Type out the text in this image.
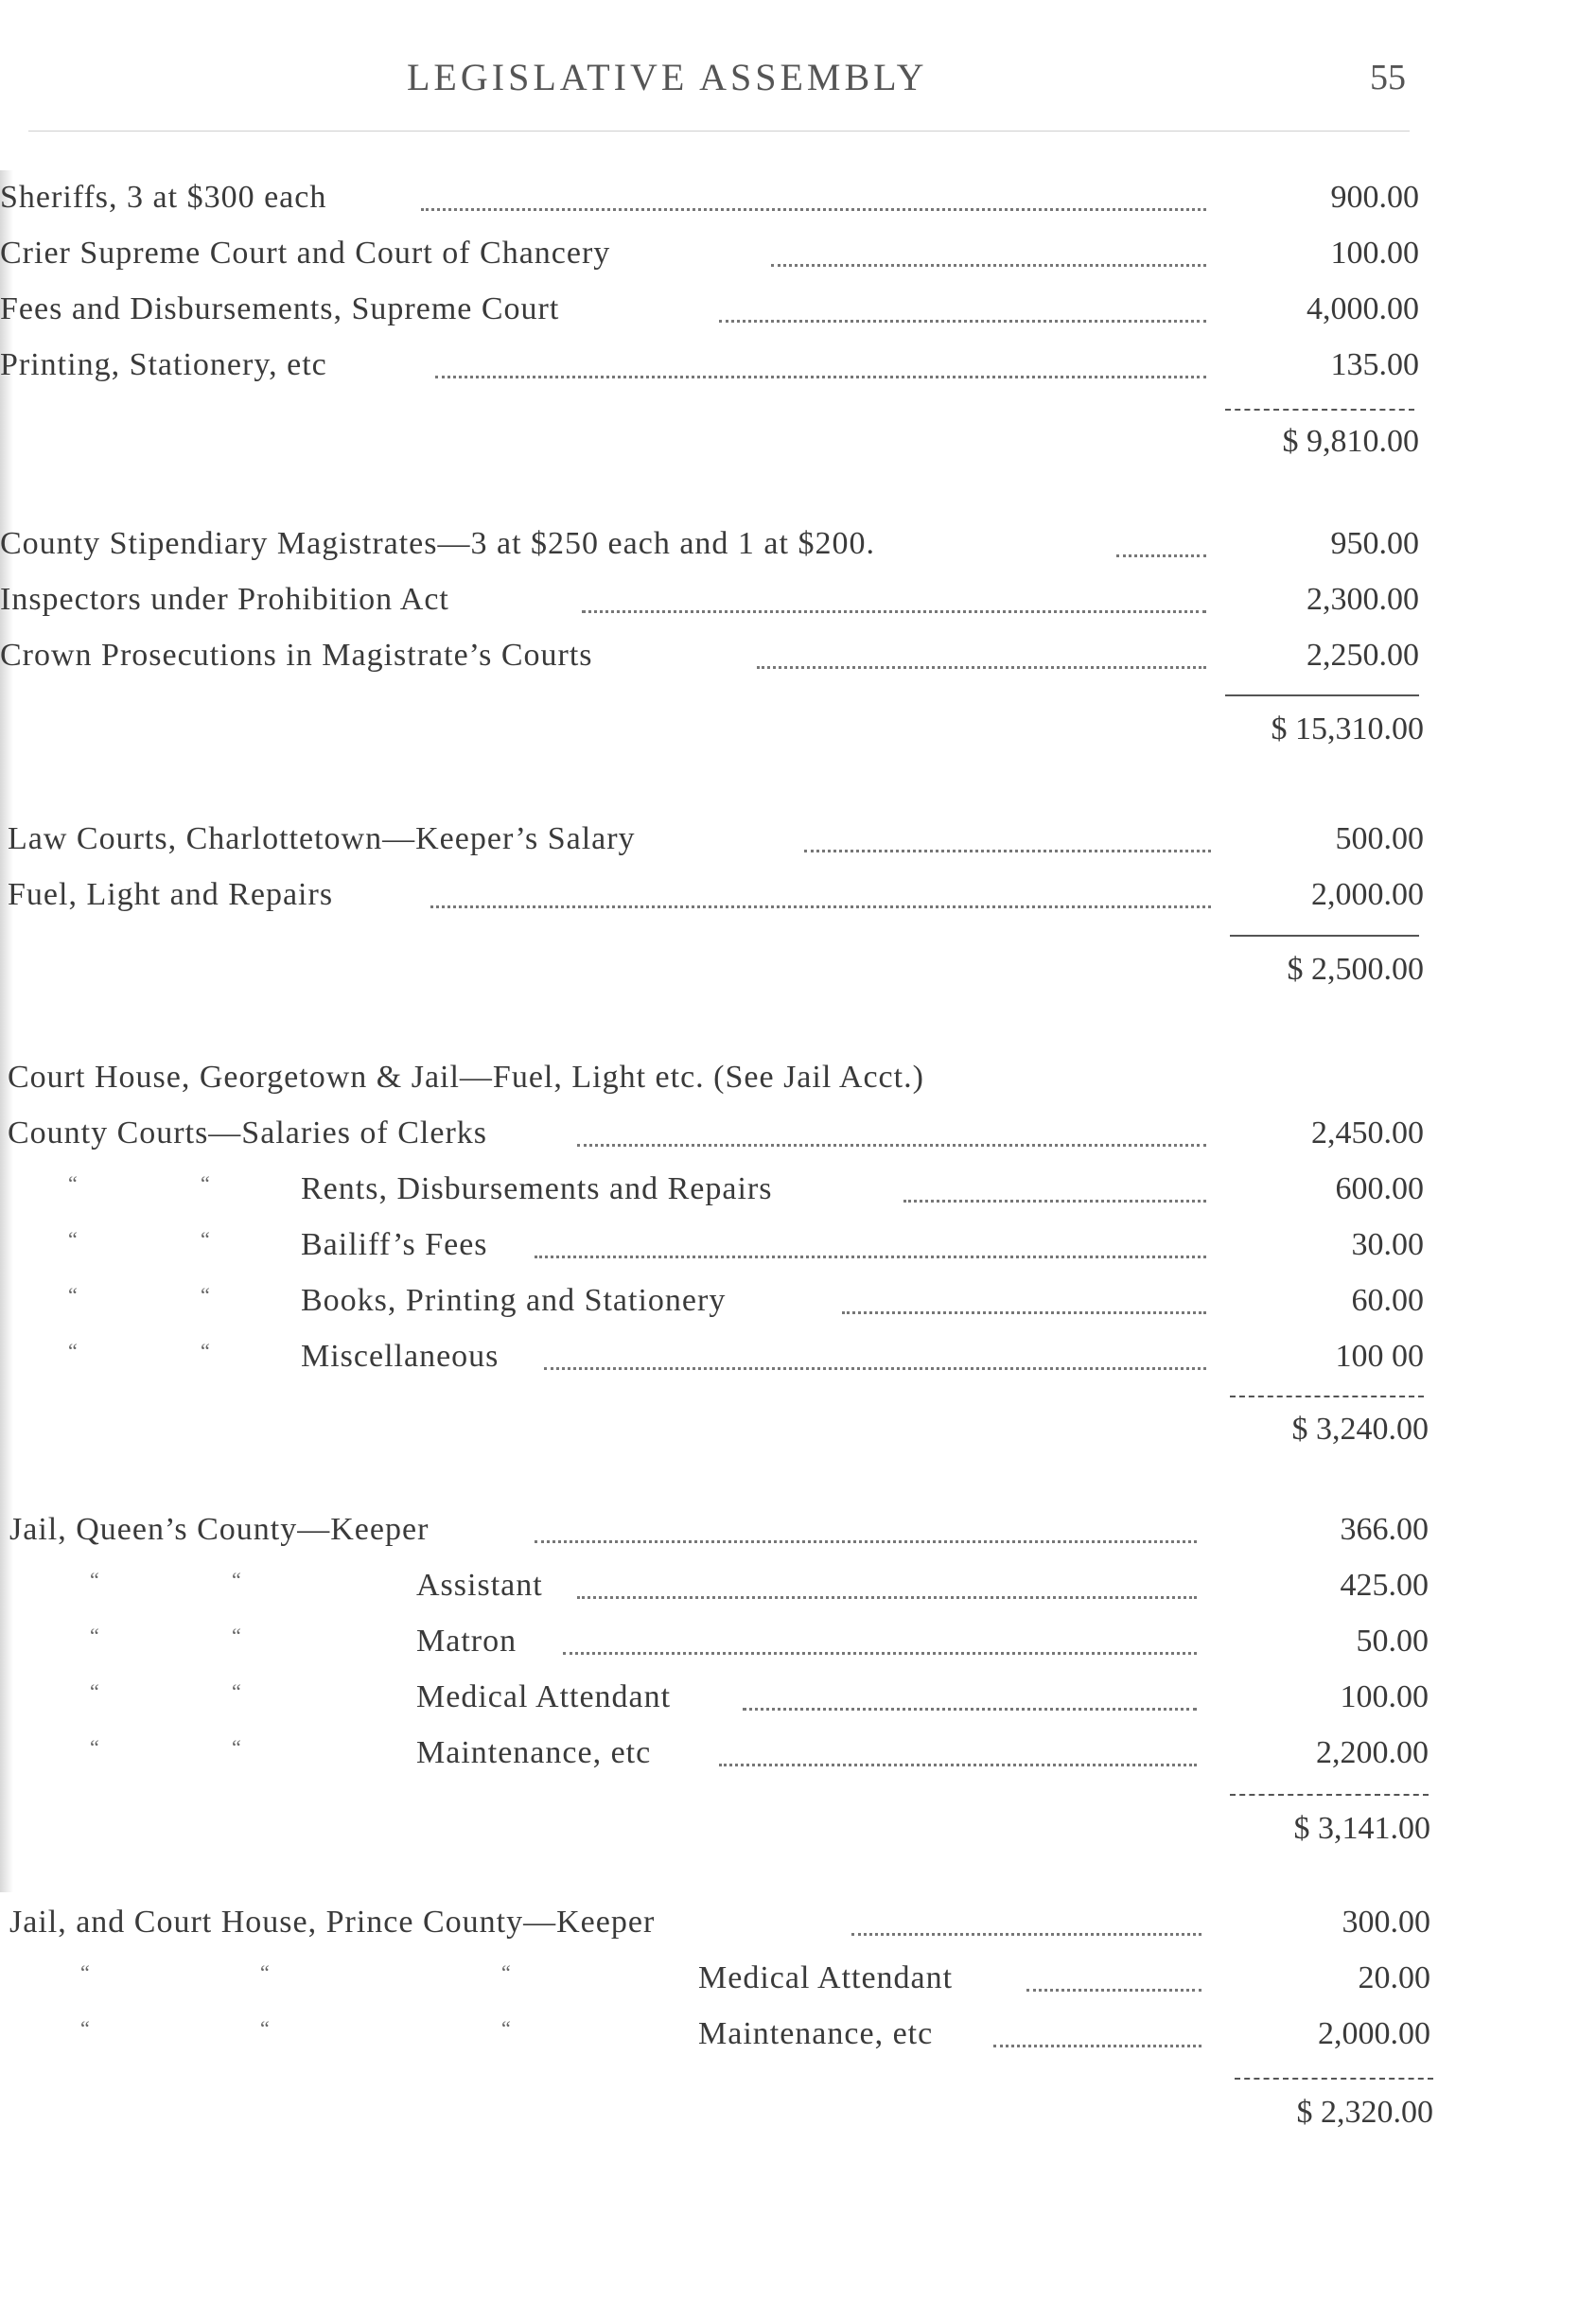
LEGISLATIVE ASSEMBLY	55
Sheriffs, 3 at $300 each	900.00
Crier Supreme Court and Court of Chancery	100.00
Fees and Disbursements, Supreme Court	4,000.00
Printing, Stationery, etc	135.00
$ 9,810.00
County Stipendiary Magistrates—3 at $250 each and 1 at $200.	950.00
Inspectors under Prohibition Act	2,300.00
Crown Prosecutions in Magistrate’s Courts	2,250.00
$ 15,310.00
Law Courts, Charlottetown—Keeper’s Salary	500.00
Fuel, Light and Repairs	2,000.00
$ 2,500.00
Court House, Georgetown & Jail—Fuel, Light etc. (See Jail Acct.)
County Courts—Salaries of Clerks	2,450.00
“	“	Rents, Disbursements and Repairs	600.00
“	“	Bailiff’s Fees	30.00
“	“	Books, Printing and Stationery	60.00
“	“	Miscellaneous	100 00
$ 3,240.00
Jail, Queen’s County—Keeper	366.00
“	“	Assistant	425.00
“	“	Matron	50.00
“	“	Medical Attendant	100.00
“	“	Maintenance, etc	2,200.00
$ 3,141.00
Jail, and Court House, Prince County—Keeper	300.00
“	“	“	Medical Attendant	20.00
“	“	“	Maintenance, etc	2,000.00
$ 2,320.00
